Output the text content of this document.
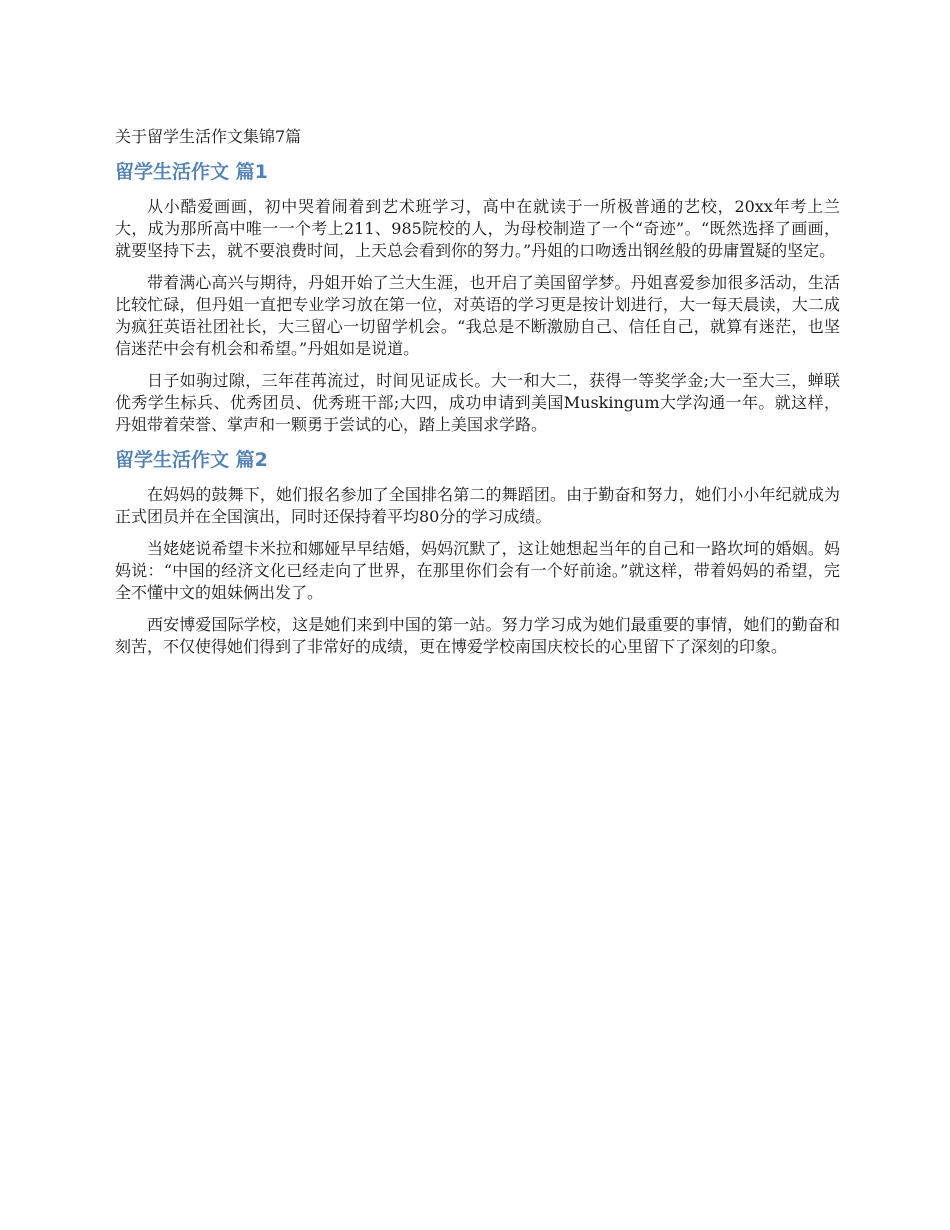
关于留学生活作文集锦7篇
留学生活作文 篇1

从小酷爱画画，初中哭着闹着到艺术班学习，高中在就读于一所极普通的艺校，20xx年考上兰大，成为那所高中唯一一个考上211、985院校的人，为母校制造了一个“奇迹”。“既然选择了画画，就要坚持下去，就不要浪费时间，上天总会看到你的努力。”丹姐的口吻透出钢丝般的毋庸置疑的坚定。

带着满心高兴与期待，丹姐开始了兰大生涯，也开启了美国留学梦。丹姐喜爱参加很多活动，生活比较忙碌，但丹姐一直把专业学习放在第一位，对英语的学习更是按计划进行，大一每天晨读，大二成为疯狂英语社团社长，大三留心一切留学机会。“我总是不断激励自己、信任自己，就算有迷茫，也坚信迷茫中会有机会和希望。”丹姐如是说道。

日子如驹过隙，三年荏苒流过，时间见证成长。大一和大二，获得一等奖学金;大一至大三，蝉联优秀学生标兵、优秀团员、优秀班干部;大四，成功申请到美国Muskingum大学沟通一年。就这样，丹姐带着荣誉、掌声和一颗勇于尝试的心，踏上美国求学路。

留学生活作文 篇2

在妈妈的鼓舞下，她们报名参加了全国排名第二的舞蹈团。由于勤奋和努力，她们小小年纪就成为正式团员并在全国演出，同时还保持着平均80分的学习成绩。

当姥姥说希望卡米拉和娜娅早早结婚，妈妈沉默了，这让她想起当年的自己和一路坎坷的婚姻。妈妈说：“中国的经济文化已经走向了世界，在那里你们会有一个好前途。”就这样，带着妈妈的希望，完全不懂中文的姐妹俩出发了。

西安博爱国际学校，这是她们来到中国的第一站。努力学习成为她们最重要的事情，她们的勤奋和刻苦，不仅使得她们得到了非常好的成绩，更在博爱学校南国庆校长的心里留下了深刻的印象。
